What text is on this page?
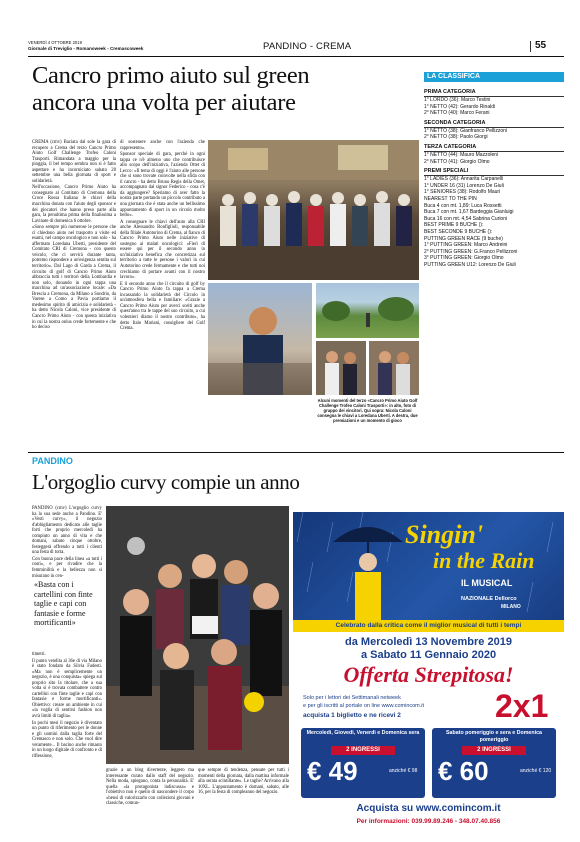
VENERDÌ 4 OTTOBRE 2019
Giornale di Treviglio - Romanoweek - Cremascoweek	PANDINO - CREMA	55
Cancro primo aiuto sul green
ancora una volta per aiutare

CREMA (cmv) Baciata dal sole la gara di recupero a Crema del terzo Cancro Primo Aiuto Golf Challenge Trofeo Caloni Trasporti. Rimandata a maggio per la pioggia, il bel tempo sembra non si è fatto aspettare e ha incorniciato sabato 28 settembre una bella giornata di sport e solidarietà.

Nell'occasione, Cancro Primo Aiuto ha consegnato al Comitato di Cremona della Croce Rossa Italiana le chiavi della macchina donata con l'aiuto degli sponsor e dei giocatori che hanno preso parte alla gara, la penultima prima della finalissima a Lavinate di domenica 6 ottobre.

«Sono sempre più numerose le persone che ci chiedono aiuto nel trasporto a visite ed esami, nel campo oncologico e non solo - ha affermato Loredana Uberti, presidente del Comitato CRI di Cremona - con questo veicolo, che ci servirà durante tanta, potremo rispondere a un'esigenza sentita sul territorio». Dal Lago di Garda a Crema, il circuito di golf di Cancro Primo Aiuto abbraccia tutti i territori della Lombardia e non solo, donando in ogni tappa una macchina ad un'associazione locale: «Da Brescia a Cremona, da Milano a Sondrio, da Varese a Como a Pavia portiamo il medesimo spirito di amicizia e solidarietà - ha detto Nicola Caloni, vice presidente di Cancro Primo Aiuto - con questa iniziativa in cui la nostra onlus crede fortemente e che ho deciso

di sostenere anche con l'azienda che rappresento».

Sponsor speciale di gara, perché in ogni tappa ce n'è almeno uno che contribuisce allo scopo dell'iniziativa, l'azienda Ottet di Lecco: «Il tema di oggi è l'aiuto alle persone che si sono trovate coinvolte nella sfida con il cancro - ha detto Bruno Regis della Omet, accompagnato dal signor Federico - cosa c'è da aggiungere? Speriamo di aver fatto la nostra parte portando un piccolo contributo a una giornata che è stata anche un bellissimo appuntamento di sport in un circolo molto bello».

A consegnare le chiavi dell'auto alla CRI anche Alessandro Bonfiglioli, responsabile della filiale Autotorino di Crema, al fianco di Cancro Primo Aiuto nelle iniziative di sostegno ai malati oncologici: «Fieri di essere qui per il secondo anno in un'iniziativa benefica che concretizza sul territorio a tutte le persone i valori in cui Autotorino crede fermamente e che tutti noi crechiamo di portare avanti con il nostro lavoro».

E il secondo anno che il circuito di golf by Cancro Primo Aiuto fa tappa a Crema incassando la solidarietà del Circolo in un'atmosfera bella e familiare: «Grazie a Cancro Primo Aiuto per averci scelti anche quest'anno tra le tappe del suo circuito, a cui volentieri diamo il nostro contributo», ha detto Italo Mariani, consigliere del Golf Crema.

Alcuni momenti del terzo «Cancro Primo Aiuto Golf Challenge Trofeo Caloni Trasporti»: in alto, foto di gruppo dei vincitori. Qui sopra: Nicola Caloni consegna le chiavi a Loredana Uberti. A destra, due premiazioni e un momento di gioco
LA CLASSIFICA
PRIMA CATEGORIA
1° LORDO (36): Marco Testini
1° NETTO (42): Gerardo Rinaldi
2° NETTO (40): Marco Ferani
SECONDA CATEGORIA
1° NETTO (38): Gianfranco Pellizzoni
2° NETTO (38): Paolo Giorgi
TERZA CATEGORIA
1° NETTO (44): Mauro Mazzoleni
2° NETTO (41): Giorgio Olmo
PREMI SPECIALI
1° LADIES (36): Annarita Carpanelli
1° UNDER 16 (31) Lorenzo De Giuli
1° SENIORES (38): Rodolfo Mauri
NEAREST TO THE PIN
Buca 4 con mt. 1,89: Luca Rossetti
Buca 7 con mt. 1,67 Bardeggia Gianluigi
Buca 16 con mt. 4,54 Sabrina Curioni
BEST PRIME 9 BUCHE ():
BEST SECONDE 9 BUCHE ():
PUTTING GREEN RACE (9 buche)
1° PUTTING GREEN: Marco Andreini
2° PUTTING GREEN: G.Franco Pellizzoni
3° PUTTING GREEN: Giorgio Olmo
PUTTING GREEN U12: Lorenzo De Giuli
PANDINO
L'orgoglio curvy compie un anno

PANDINO (cmv) L'orgoglio curvy ha la sua sede anche a Pandino. E' «Vesti curvy», il negozio d'abbigliamento dedicato alle taglie forti che proprio mercoledì ha compiuto un anno di vita e che domani, sabato cinque ottobre, festeggerà offrendo a tutti i clienti una festa di torta.

Con buona pace della linea «a tutti i costi», e per rivadire che la femminilità e la bellezza non si misurano in cen-

«Basta con i cartellini con finte taglie e capi con fantasie e forme mortificanti»

timetri.

Il punto vendita al 36e di via Milano è stato fondato da Silvia Fadesti. «Ma non è semplicemente un negozio, è una conquista» spiega sul proprio sito la titolare, che a sua volta si è trovata combattere contro cartellini con finte taglie e capi con fantasie e forme mortificanti». Obiettivo: creare un ambiente in cui «la voglia di sentirsi fashion non avrà limiti di taglia».

In pochi mesi il negozio è diventato un punto di riferimento per le donne e gli uomini dalla taglia forte del Cremasco e non solo. Che vuol dire veramente... Il bacino anche rimasto in un luogo digitale di confronto e di riflessione,

grazie a un blog divertente, leggero ma interessante curato dallo staff del negozio. Nella moda, spiegano, conta la personalità. E' quella «la protagonista indiscussa» e l'obiettivo non è quello di nascondere il corpo «bensì di valorizzarlo con collezioni giovani e classiche, comun-

que sempre di tendenza, pensate per tutti i momenti della giornata, dalla mattina informale alla serata scintillante». Le taglie? Arrivano alla 10XL. L'appuntamento è domani, sabato, alle 16, per la festa di compleanno del negozio.

Singin'
in the Rain
IL MUSICAL
NAZIONALE Dellorco
MILANO
Celebrato dalla critica come il miglior musical di tutti i tempi
da Mercoledì 13 Novembre 2019
a Sabato 11 Gennaio 2020
Offerta Strepitosa!
Solo per i lettori dei Settimanali netweek
e per gli iscritti al portale on line www.comincom.it
acquista 1 biglietto e ne ricevi 2	2x1
Mercoledì, Giovedì, Venerdì e Domenica sera
2 INGRESSI
€ 49	anziché € 98
Sabato pomeriggio e sera e Domenica pomeriggio
2 INGRESSI
€ 60	anziché € 120
Acquista su www.comincom.it
Per informazioni: 039.99.89.246 - 348.07.40.856
